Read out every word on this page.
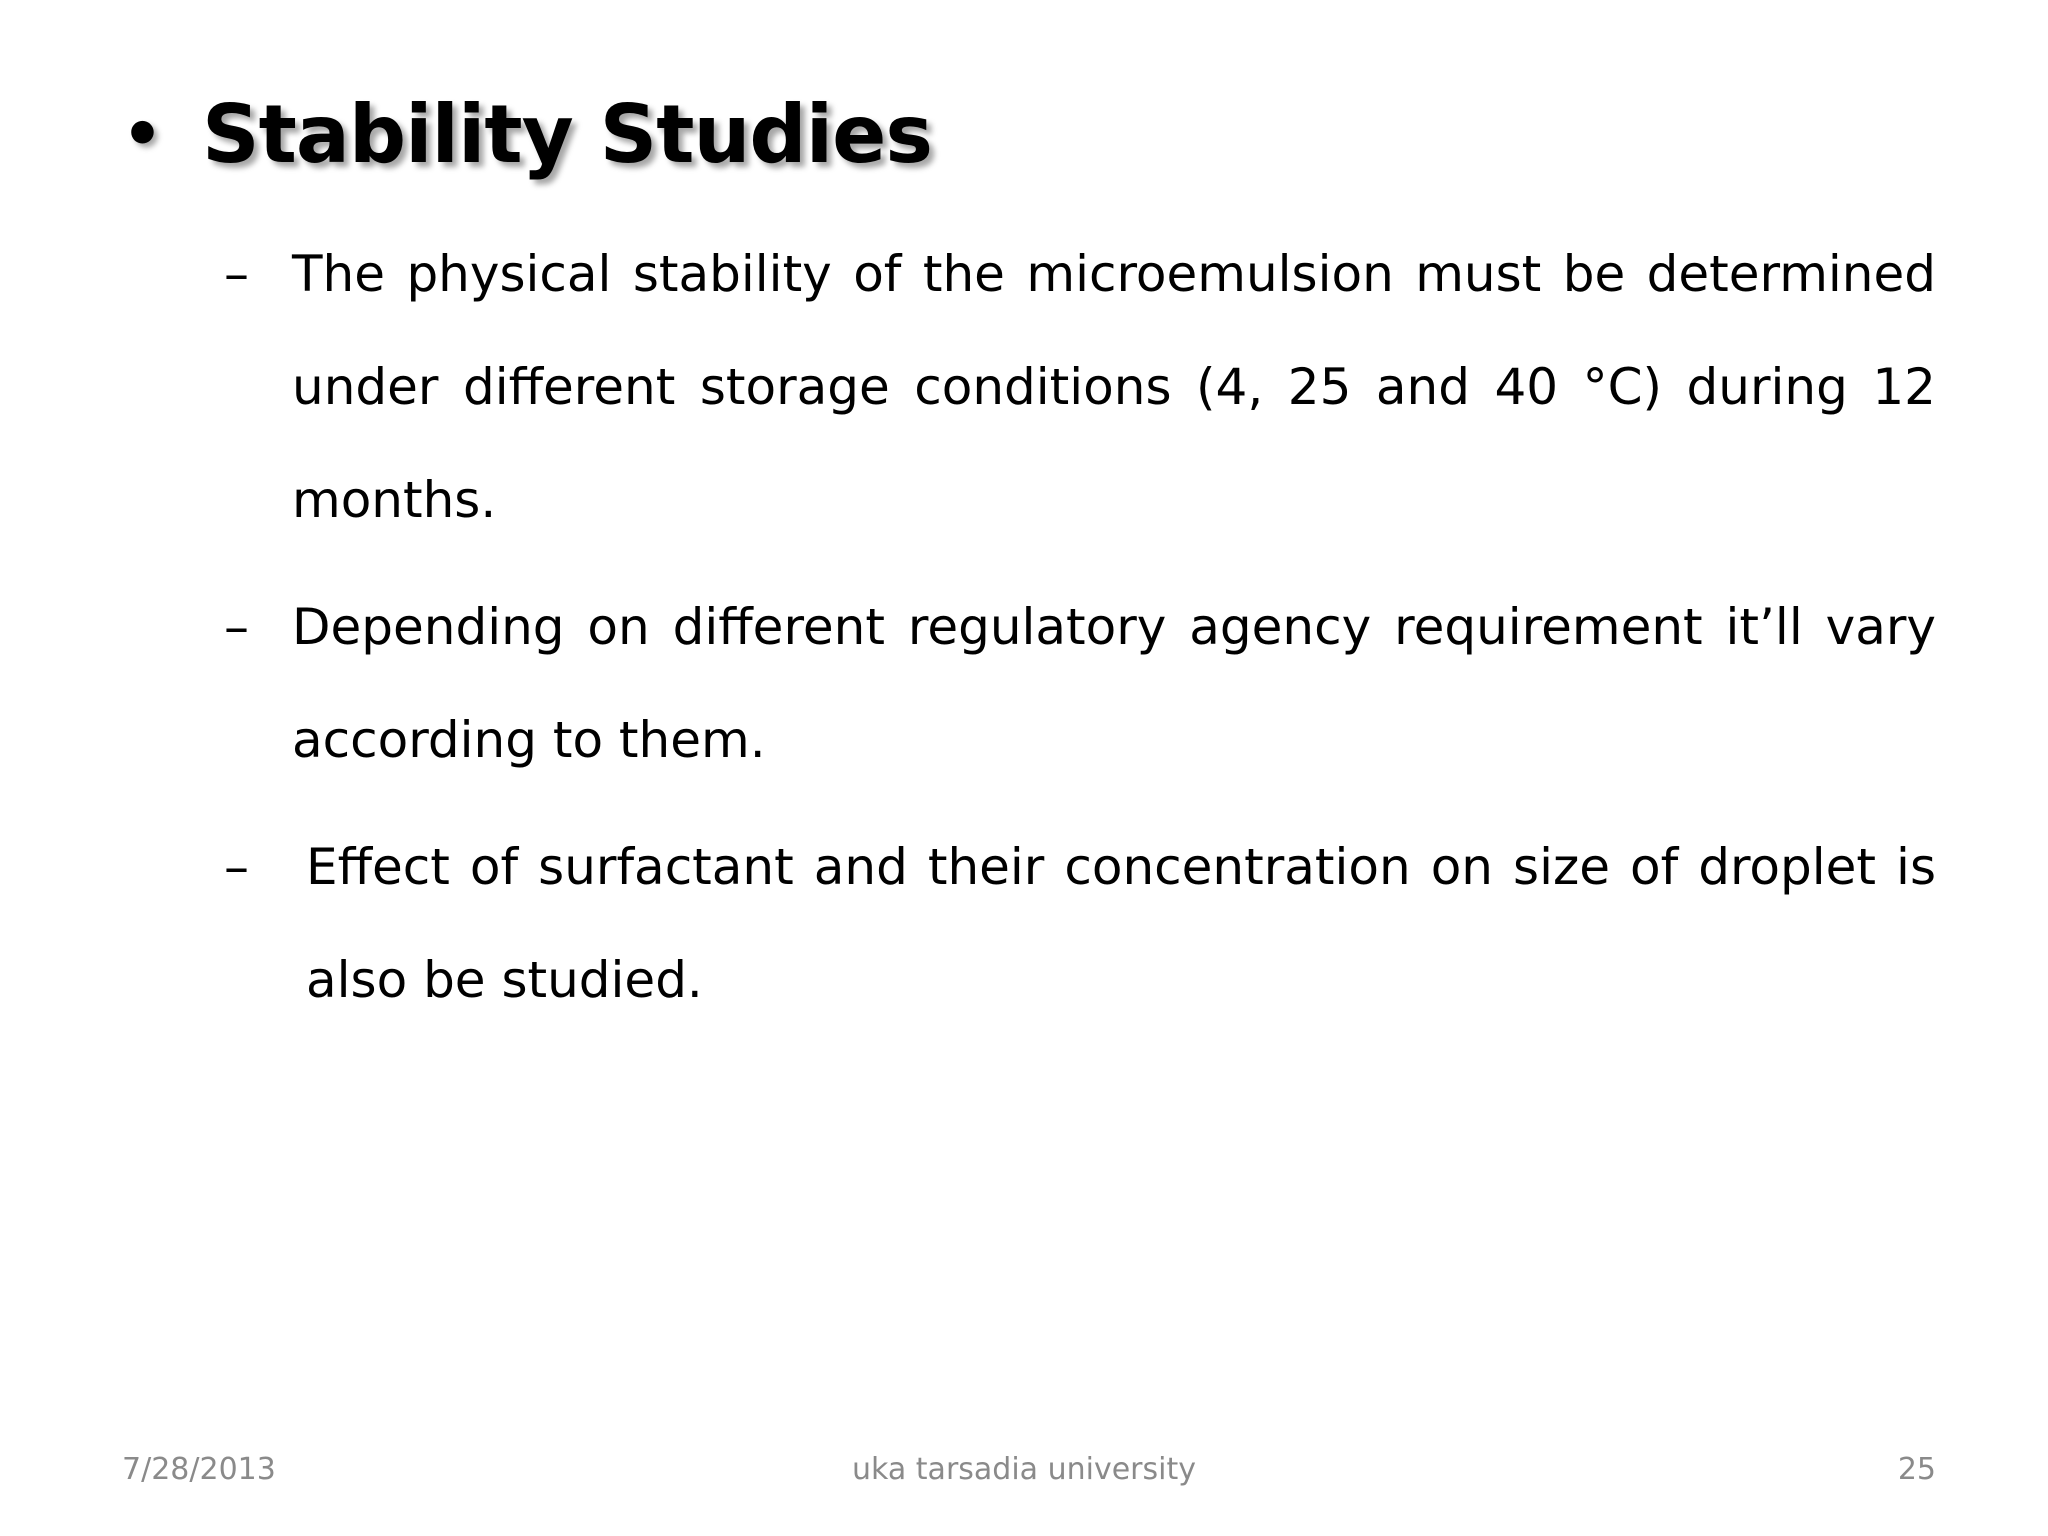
• Stability Studies
– The physical stability of the microemulsion must be determined under different storage conditions (4, 25 and 40 °C) during 12 months.
– Depending on different regulatory agency requirement it’ll vary according to them.
–	Effect of surfactant and their concentration on size of droplet is also be studied.
7/28/2013	uka tarsadia university	25
